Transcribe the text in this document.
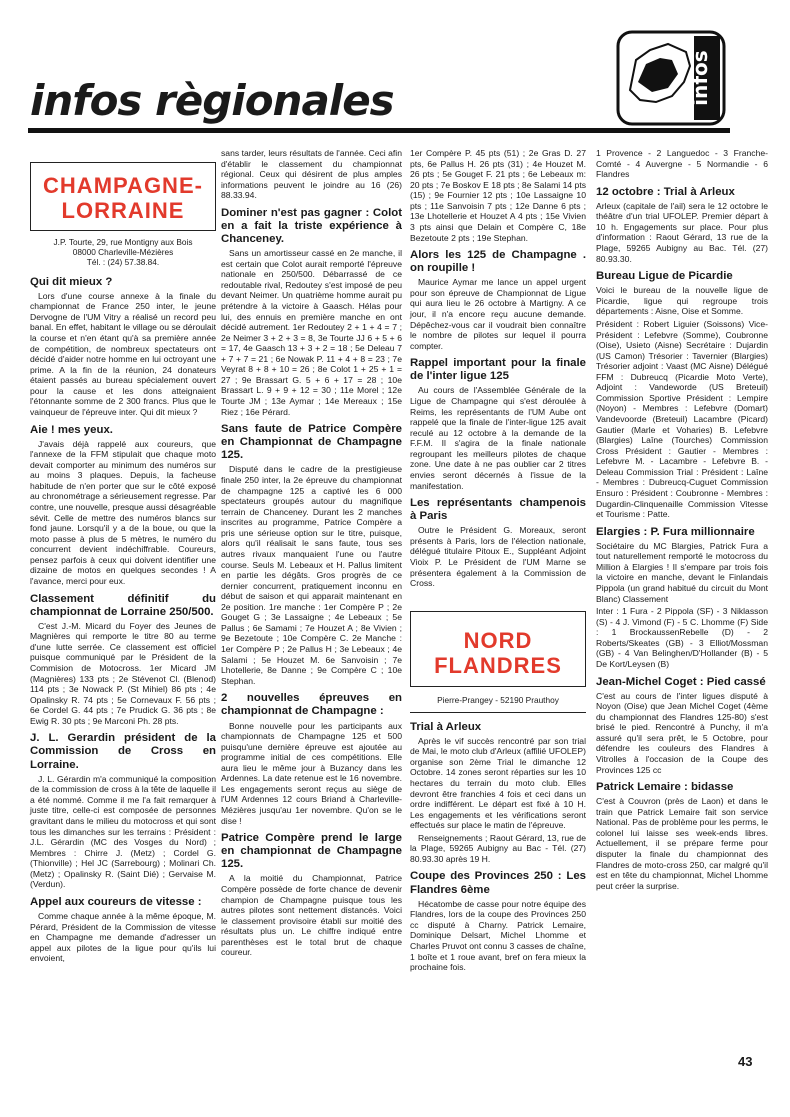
infos règionales	infos
CHAMPAGNE-
LORRAINE
J.P. Tourte, 29, rue Montigny aux Bois
08000 Charleville-Mézières
Tél. : (24) 57.38.84.
Qui dit mieux ?

Lors d'une course annexe à la finale du championnat de France 250 inter, le jeune Dervogne de l'UM Vitry a réalisé un record peu banal. En effet, habitant le village ou se déroulait la course et n'en étant qu'à sa première année de compétition, de nombreux spectateurs ont décidé d'aider notre homme en lui octroyant une prime. A la fin de la réunion, 24 donateurs étaient passés au bureau spécialement ouvert pour la cause et les dons atteignaient l'étonnante somme de 2 300 francs. Plus que le vainqueur de l'épreuve inter. Qui dit mieux ?

Aie ! mes yeux.

J'avais déjà rappelé aux coureurs, que l'annexe de la FFM stipulait que chaque moto devait comporter au minimum des numéros sur au moins 3 plaques. Depuis, la facheuse habitude de n'en porter que sur le côté exposé au chronométrage a sérieusement regresse. Par contre, une nouvelle, presque aussi désagréable sévit. Celle de mettre des numéros blancs sur fond jaune. Lorsqu'il y a de la boue, ou que la moto passe à plus de 5 mètres, le numéro du concurrent devient indéchiffrable. Coureurs, pensez parfois à ceux qui doivent identifier une dizaine de motos en quelques secondes ! A l'avance, merci pour eux.

Classement définitif du championnat de Lorraine 250/500.

C'est J.-M. Micard du Foyer des Jeunes de Magnières qui remporte le titre 80 au terme d'une lutte serrée. Ce classement est officiel puisque communiqué par le Président de la Commision de Motocross. 1er Micard JM (Magnières) 133 pts ; 2e Stévenot Cl. (Blenod) 114 pts ; 3e Nowack P. (St Mihiel) 86 pts ; 4e Opalinsky R. 74 pts ; 5e Cornevaux F. 56 pts ; 6e Cordel G. 44 pts ; 7e Prudick G. 36 pts ; 8e Ewig R. 30 pts ; 9e Marconi Ph. 28 pts.

J. L. Gerardin président de la Commission de Cross en Lorraine.

J. L. Gérardin m'a communiqué la composition de la commission de cross à la tête de laquelle il a été nommé. Comme il me l'a fait remarquer à juste titre, celle-ci est composée de personnes gravitant dans le milieu du motocross et qui sont tous les dimanches sur les terrains : Président : J.L. Gérardin (MC des Vosges du Nord) ; Membres : Chirre J. (Metz) ; Cordel G. (Thionville) ; Hel JC (Sarrebourg) ; Molinari Ch. (Metz) ; Opalinsky R. (Saint Dié) ; Gervaise M. (Verdun).

Appel aux coureurs de vitesse :

Comme chaque année à la même époque, M. Pérard, Président de la Commission de vitesse en Champagne me demande d'adresser un appel aux pilotes de la ligue pour qu'ils lui envoient,

sans tarder, leurs résultats de l'année. Ceci afin d'établir le classement du championnat régional. Ceux qui désirent de plus amples informations peuvent le joindre au 16 (26) 88.33.94.

Dominer n'est pas gagner : Colot en a fait la triste expérience à Chanceney.

Sans un amortisseur cassé en 2e manche, il est certain que Colot aurait remporté l'épreuve nationale en 250/500. Débarrassé de ce redoutable rival, Redoutey s'est imposé de peu devant Neimer. Un quatrième homme aurait pu prétendre à la victoire à Gaasch. Hélas pour lui, des ennuis en première manche en ont décidé autrement. 1er Redoutey 2 + 1 + 4 = 7 ; 2e Neimer 3 + 2 + 3 = 8, 3e Tourte JJ 6 + 5 + 6 = 17, 4e Gaasch 13 + 3 + 2 = 18 ; 5e Deleau 7 + 7 + 7 = 21 ; 6e Nowak P. 11 + 4 + 8 = 23 ; 7e Veyrat 8 + 8 + 10 = 26 ; 8e Colot 1 + 25 + 1 = 27 ; 9e Brassart G. 5 + 6 + 17 = 28 ; 10e Brassart L. 9 + 9 + 12 = 30 ; 11e Morel ; 12e Tourte JM ; 13e Aymar ; 14e Mereaux ; 15e Riez ; 16e Pérard.

Sans faute de Patrice Compère en Championnat de Champagne 125.

Disputé dans le cadre de la prestigieuse finale 250 inter, la 2e épreuve du championnat de champagne 125 a captivé les 6 000 spectateurs groupés autour du magnifique terrain de Chanceney. Durant les 2 manches inscrites au programme, Patrice Compère a pris une sérieuse option sur le titre, puisque, alors qu'il réalisait le sans faute, tous ses autres rivaux manquaient l'une ou l'autre course. Seuls M. Lebeaux et H. Pallus limitent en partie les dégâts. Gros progrès de ce dernier concurrent, pratiquement inconnu en début de saison et qui apparait maintenant en 2e position. 1re manche : 1er Compère P ; 2e Gouget G ; 3e Lassaigne ; 4e Lebeaux ; 5e Pallus ; 6e Samami ; 7e Houzet A ; 8e Vivien ; 9e Bezetoute ; 10e Compère C. 2e Manche : 1er Compère P ; 2e Pallus H ; 3e Lebeaux ; 4e Salami ; 5e Houzet M. 6e Sanvoisin ; 7e Lhotellerie, 8e Danne ; 9e Compère C ; 10e Stephan.

2 nouvelles épreuves en championnat de Champagne :

Bonne nouvelle pour les participants aux championnats de Champagne 125 et 500 puisqu'une dernière épreuve est ajoutée au programme initial de ces compétitions. Elle aura lieu le même jour à Buzancy dans les Ardennes. La date retenue est le 16 novembre. Les engagements seront reçus au siège de l'UM Ardennes 12 cours Briand à Charleville-Mézières jusqu'au 1er novembre. Qu'on se le dise !

Patrice Compère prend le large en championnat de Champagne 125.

A la moitié du Championnat, Patrice Compère possède de forte chance de devenir champion de Champagne puisque tous les autres pilotes sont nettement distancés. Voici le classement provisoire établi sur moitié des résultats plus un. Le chiffre indiqué entre parenthèses est le total brut de chaque coureur.

1er Compère P. 45 pts (51) ; 2e Gras D. 27 pts, 6e Pallus H. 26 pts (31) ; 4e Houzet M. 26 pts ; 5e Gouget F. 21 pts ; 6e Lebeaux m: 20 pts ; 7e Boskov E 18 pts ; 8e Salami 14 pts (15) ; 9e Fournier 12 pts ; 10e Lassaigne 10 pts ; 11e Sanvoisin 7 pts ; 12e Danne 6 pts ; 13e Lhotellerie et Houzet A 4 pts ; 15e Vivien 3 pts ainsi que Delain et Compère C, 18e Bezetoute 2 pts ; 19e Stephan.

Alors les 125 de Champagne . on roupille !

Maurice Aymar me lance un appel urgent pour son épreuve de Championnat de Ligue qui aura lieu le 26 octobre à Martigny. A ce jour, il n'a encore reçu aucune demande. Dépêchez-vous car il voudrait bien connaître le nombre de pilotes sur lequel il pourra compter.

Rappel important pour la finale de l'inter ligue 125

Au cours de l'Assemblée Générale de la Ligue de Champagne qui s'est déroulée à Reims, les représentants de l'UM Aube ont rappelé que la finale de l'inter-ligue 125 avait reculé au 12 octobre à la demande de la F.F.M. Il s'agira de la finale nationale regroupant les meilleurs pilotes de chaque zone. Une date à ne pas oublier car 2 titres envies seront décernés à l'issue de la manifestation.

Les représentants champenois à Paris

Outre le Président G. Moreaux, seront présents à Paris, lors de l'élection nationale, délégué titulaire Pitoux E., Suppléant Adjoint Vioix P. Le Président de l'UM Marne se présentera également à la Commission de Cross.

NORD
FLANDRES
Pierre-Prangey - 52190 Prauthoy
Trial à Arleux

Après le vif succès rencontré par son trial de Mai, le moto club d'Arleux (affilié UFOLEP) organise son 2ème Trial le dimanche 12 Octobre. 14 zones seront réparties sur les 10 hectares du terrain du moto club. Elles devront être franchies 4 fois et ceci dans un ordre indifférent. Le départ est fixé à 10 H. Les engagements et les vérifications seront effectués sur place le matin de l'épreuve.

Renseignements ; Raout Gérard, 13, rue de la Plage, 59265 Aubigny au Bac - Tél. (27) 80.93.30 après 19 H.

Coupe des Provinces 250 : Les Flandres 6ème

Hécatombe de casse pour notre équipe des Flandres, lors de la coupe des Provinces 250 cc disputé à Charny. Patrick Lemaire, Dominique Delsart, Michel Lhomme et Charles Pruvot ont connu 3 casses de chaîne, 1 boîte et 1 roue avant, bref on fera mieux la prochaine fois.

1 Provence - 2 Languedoc - 3 Franche-Comté - 4 Auvergne - 5 Normandie - 6 Flandres

12 octobre : Trial à Arleux

Arleux (capitale de l'ail) sera le 12 octobre le théâtre d'un trial UFOLEP. Premier départ à 10 h. Engagements sur place. Pour plus d'information : Raout Gérard, 13 rue de la Plage, 59265 Aubigny au Bac. Tél. (27) 80.93.30.

Bureau Ligue de Picardie

Voici le bureau de la nouvelle ligue de Picardie, ligue qui regroupe trois départements : Aisne, Oise et Somme.

Président : Robert Liguier (Soissons) Vice-Président : Lefebvre (Somme), Coubronne (Oise), Usieto (Aisne) Secrétaire : Dujardin (US Camon) Trésorier : Tavernier (Blargies) Trésorier adjoint : Vaast (MC Aisne) Délégué FFM : Dubreucq (Picardie Moto Verte), Adjoint : Vandeworde (US Breteuil) Commission Sportive Président : Lempire (Noyon) - Membres : Lefebvre (Domart) Vandevoorde (Breteuil) Lacambre (Picard) Gautier (Marle et Voharies) B. Lefebvre (Blargies) Laîne (Tourches) Commission Cross Président : Gautier - Membres : Lefebvre M. - Lacambre - Lefebvre B. - Deleau Commission Trial : Président : Laîne - Membres : Dubreucq-Cuguet Commission Ensuro : Président : Coubronne - Membres : Dugardin-Clinquenaille Commission Vitesse et Tourisme : Patte.

Elargies : P. Fura millionnaire

Sociétaire du MC Blargies, Patrick Fura a tout naturellement remporté le motocross du Million à Elargies ! Il s'empare par trois fois la victoire en manche, devant le Finlandais Pippola (un grand habitué du circuit du Mont Blanc) Classement

Inter : 1 Fura - 2 Pippola (SF) - 3 Niklasson (S) - 4 J. Vimond (F) - 5 C. Lhomme (F) Side : 1 BrockaussenRebelle (D) - 2 Roberts/Skeates (GB) - 3 Elliot/Mossman (GB) - 4 Van Belinghen/D'Hollander (B) - 5 De Kort/Leysen (B)

Jean-Michel Coget : Pied cassé

C'est au cours de l'inter ligues disputé à Noyon (Oise) que Jean Michel Coget (4ème du championnat des Flandres 125-80) s'est brisé le pied. Rencontré à Punchy, il m'a assuré qu'il sera prêt, le 5 Octobre, pour défendre les couleurs des Flandres à Vitrolles à l'occasion de la Coupe des Provinces 125 cc

Patrick Lemaire : bidasse

C'est à Couvron (près de Laon) et dans le train que Patrick Lemaire fait son service National. Pas de problème pour les perms, le colonel lui laisse ses week-ends libres. Actuellement, il se prépare ferme pour disputer la finale du championnat des Flandres de moto-cross 250, car malgré qu'il est en tête du championnat, Michel Lhomme peut créer la surprise.

43
